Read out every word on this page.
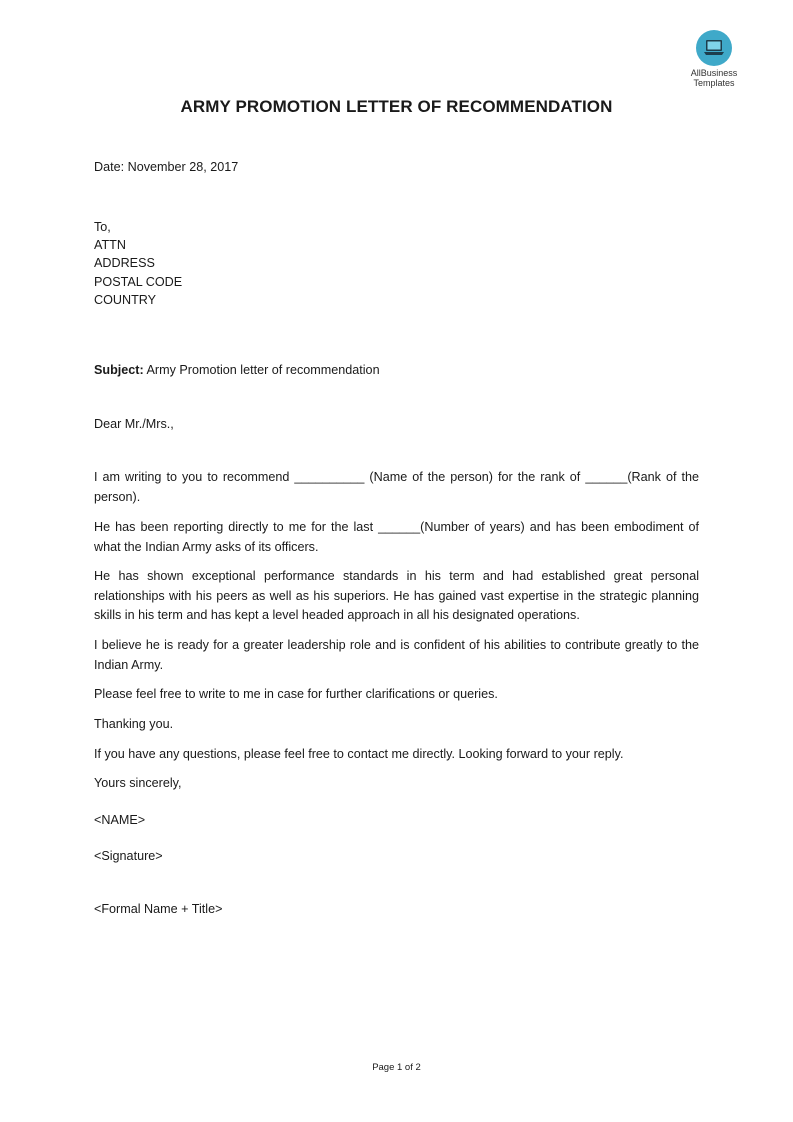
AllBusiness
Templates
ARMY PROMOTION LETTER OF RECOMMENDATION
Date: November 28, 2017
To,
ATTN
ADDRESS
POSTAL CODE
COUNTRY
Subject: Army Promotion letter of recommendation
Dear Mr./Mrs.,
I am writing to you to recommend __________ (Name of the person) for the rank of ______(Rank of the person).
He has been reporting directly to me for the last ______(Number of years) and has been embodiment of what the Indian Army asks of its officers.
He has shown exceptional performance standards in his term and had established great personal relationships with his peers as well as his superiors. He has gained vast expertise in the strategic planning skills in his term and has kept a level headed approach in all his designated operations.
I believe he is ready for a greater leadership role and is confident of his abilities to contribute greatly to the Indian Army.
Please feel free to write to me in case for further clarifications or queries.
Thanking you.
If you have any questions, please feel free to contact me directly. Looking forward to your reply.
Yours sincerely,
<NAME>
<Signature>
<Formal Name + Title>
Page 1 of 2
